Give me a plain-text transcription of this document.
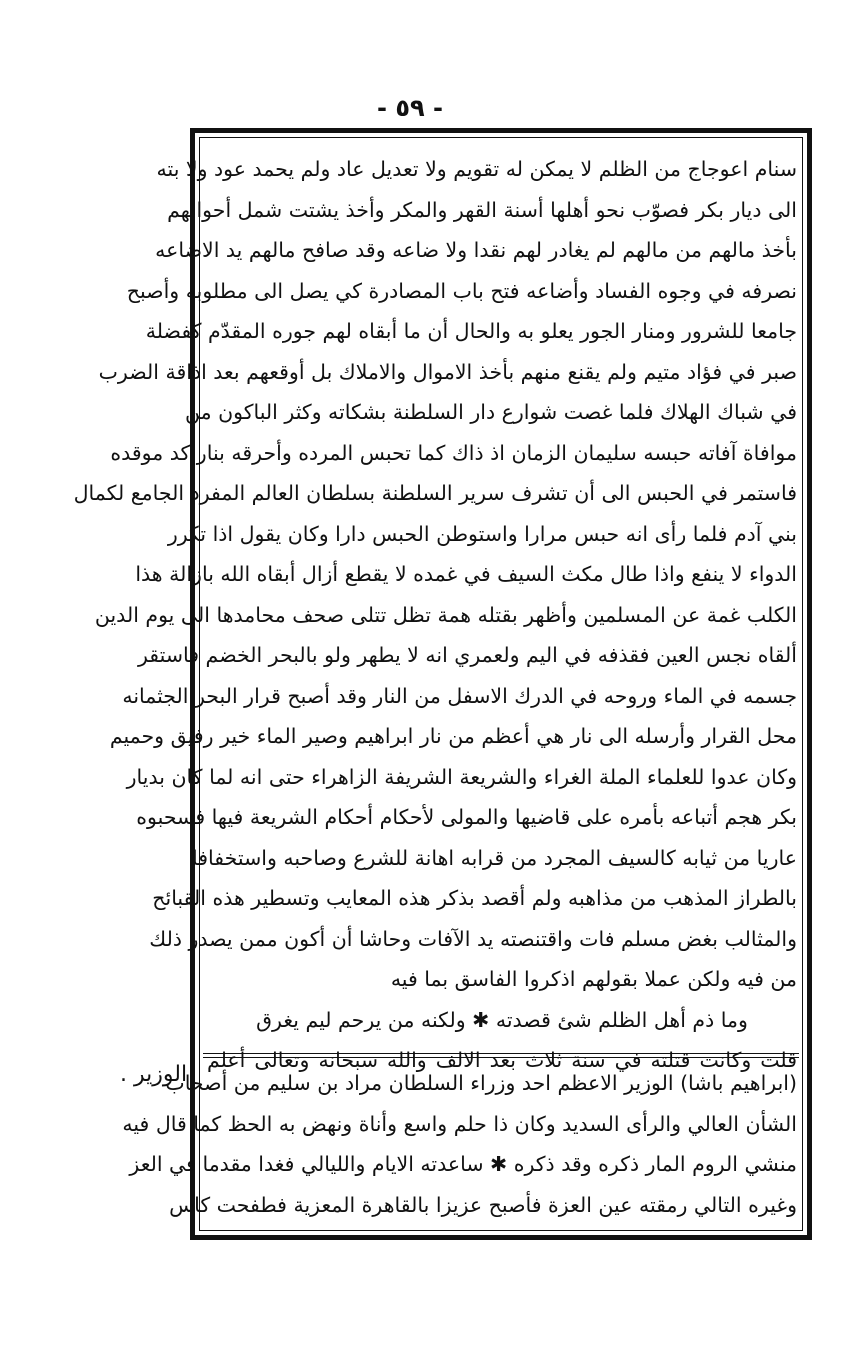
- ٥٩ -
الوزير .
سنام اعوجاج من الظلم لا يمكن له تقويم ولا تعديل عاد ولم يحمد عود ولا بته
الى ديار بكر فصوّب نحو أهلها أسنة القهر والمكر وأخذ يشتت شمل أحوالهم
بأخذ مالهم من مالهم لم يغادر لهم نقدا ولا ضاعه وقد صافح مالهم يد الاضاعه
نصرفه في وجوه الفساد وأضاعه فتح باب المصادرة كي يصل الى مطلوبه وأصبح
جامعا للشرور ومنار الجور يعلو به والحال أن ما أبقاه لهم جوره المقدّم كفضلة
صبر في فؤاد متيم ولم يقنع منهم بأخذ الاموال والاملاك بل أوقعهم بعد اذاقة الضرب
في شباك الهلاك فلما غصت شوارع دار السلطنة بشكاته وكثر الباكون من
موافاة آفاته حبسه سليمان الزمان اذ ذاك كما تحبس المرده وأحرقه بنار كد موقده
فاستمر في الحبس الى أن تشرف سرير السلطنة بسلطان العالم المفرد الجامع لكمال
بني آدم فلما رأى انه حبس مرارا واستوطن الحبس دارا وكان يقول اذا تكرر
الدواء لا ينفع واذا طال مكث السيف في غمده لا يقطع أزال أبقاه الله بازالة هذا
الكلب غمة عن المسلمين وأظهر بقتله همة تظل تتلى صحف محامدها الى يوم الدين
ألقاه نجس العين فقذفه في اليم ولعمري انه لا يطهر ولو بالبحر الخضم فاستقر
جسمه في الماء وروحه في الدرك الاسفل من النار وقد أصبح قرار البحر الجثمانه
محل القرار وأرسله الى نار هي أعظم من نار ابراهيم وصير الماء خير رفيق وحميم
وكان عدوا للعلماء الملة الغراء والشريعة الشريفة الزاهراء حتى انه لما كان بديار
بكر هجم أتباعه بأمره على قاضيها والمولى لأحكام أحكام الشريعة فيها فسحبوه
عاريا من ثيابه كالسيف المجرد من قرابه اهانة للشرع وصاحبه واستخفافا
بالطراز المذهب من مذاهبه ولم أقصد بذكر هذه المعايب وتسطير هذه القبائح
والمثالب بغض مسلم فات واقتنصته يد الآفات وحاشا أن أكون ممن يصدر ذلك
من فيه ولكن عملا بقولهم اذكروا الفاسق بما فيه
وما ذم أهل الظلم شئ قصدته ✱ ولكنه من يرحم ليم يغرق
قلت وكانت قتلته في سنة ثلاث بعد الالف والله سبحانه وتعالى أعلم
(ابراهيم باشا) الوزير الاعظم احد وزراء السلطان مراد بن سليم من أصحاب
الشأن العالي والرأى السديد وكان ذا حلم واسع وأناة ونهض به الحظ كما قال فيه
منشي الروم المار ذكره وقد ذكره ✱ ساعدته الايام والليالي فغدا مقدما في العز
وغيره التالي رمقته عين العزة فأصبح عزيزا بالقاهرة المعزية فطفحت كاس
